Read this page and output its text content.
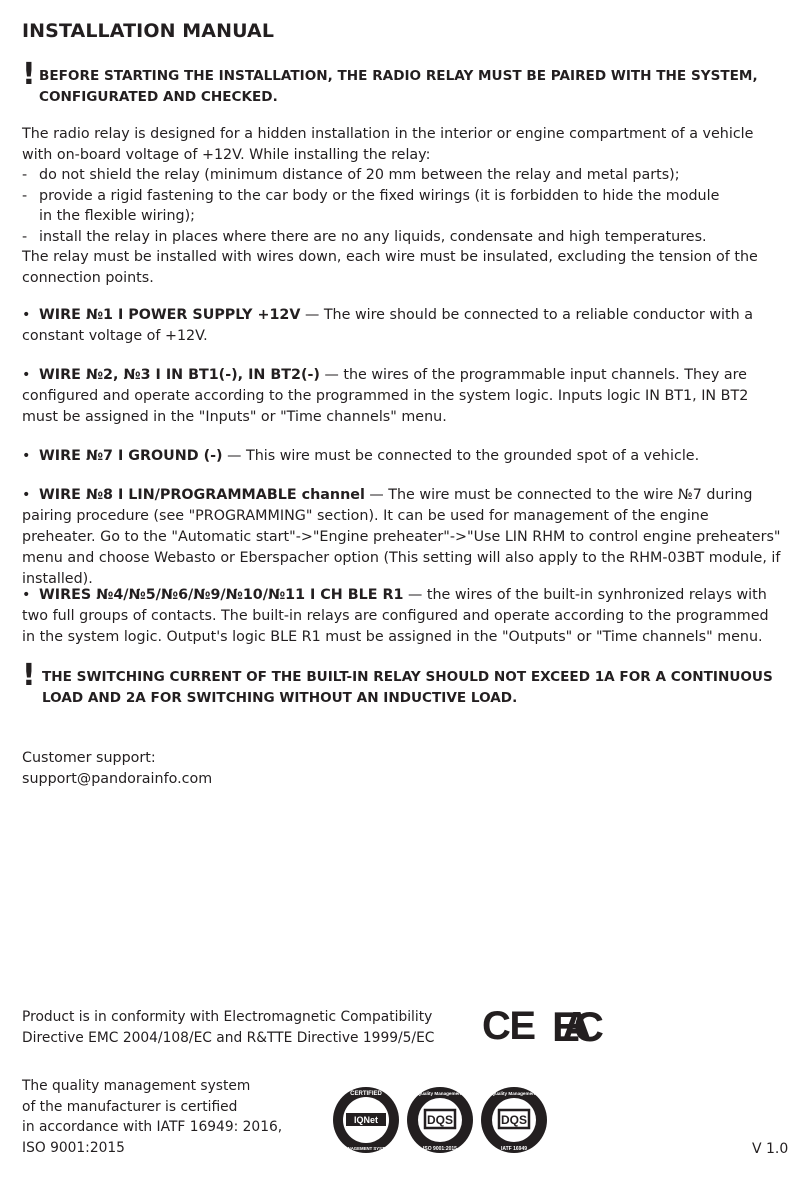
INSTALLATION MANUAL
! BEFORE STARTING THE INSTALLATION, THE RADIO RELAY MUST BE PAIRED WITH THE SYSTEM, CONFIGURATED AND CHECKED.

The radio relay is designed for a hidden installation in the interior or engine compartment of a vehicle with on-board voltage of +12V. While installing the relay:

- do not shield the relay (minimum distance of 20 mm between the relay and metal parts);
- provide a rigid fastening to the car body or the fixed wirings (it is forbidden to hide the module in the flexible wiring);
- install the relay in places where there are no any liquids, condensate and high temperatures.

The relay must be installed with wires down, each wire must be insulated, excluding the tension of the connection points.

• WIRE №1 I POWER SUPPLY +12V — The wire should be connected to a reliable conductor with a constant voltage of +12V.
• WIRE №2, №3 I IN BT1(-), IN BT2(-) — the wires of the programmable input channels. They are configured and operate according to the programmed in the system logic. Inputs logic IN BT1, IN BT2 must be assigned in the "Inputs" or "Time channels" menu.
• WIRE №7 I GROUND (-) — This wire must be connected to the grounded spot of a vehicle.
• WIRE №8 I LIN/PROGRAMMABLE channel — The wire must be connected to the wire №7 during pairing procedure (see "PROGRAMMING" section). It can be used for management of the engine preheater. Go to the "Automatic start"->"Engine preheater"->"Use LIN RHM to control engine preheaters" menu and choose Webasto or Eberspacher option (This setting will also apply to the RHM-03BT module, if installed).
• WIRES №4/№5/№6/№9/№10/№11 I CH BLE R1 — the wires of the built-in synhronized relays with two full groups of contacts. The built-in relays are configured and operate according to the programmed in the system logic. Output's logic BLE R1 must be assigned in the "Outputs" or "Time channels" menu.
! THE SWITCHING CURRENT OF THE BUILT-IN RELAY SHOULD NOT EXCEED 1A FOR A CONTINUOUS LOAD AND 2A FOR SWITCHING WITHOUT AN INDUCTIVE LOAD.
Customer support:
support@pandorainfo.com
Product is in conformity with Electromagnetic Compatibility
Directive EMC 2004/108/EC and R&TTE Directive 1999/5/EC CE EAC
The quality management system
of the manufacturer is certified
in accordance with IATF 16949: 2016,
ISO 9001:2015
CERTIFIED
IQNet
MANAGEMENT SYSTEM
Quality Management
DQS
ISO 9001:2015
Quality Management
DQS
IATF 16949	V 1.0
